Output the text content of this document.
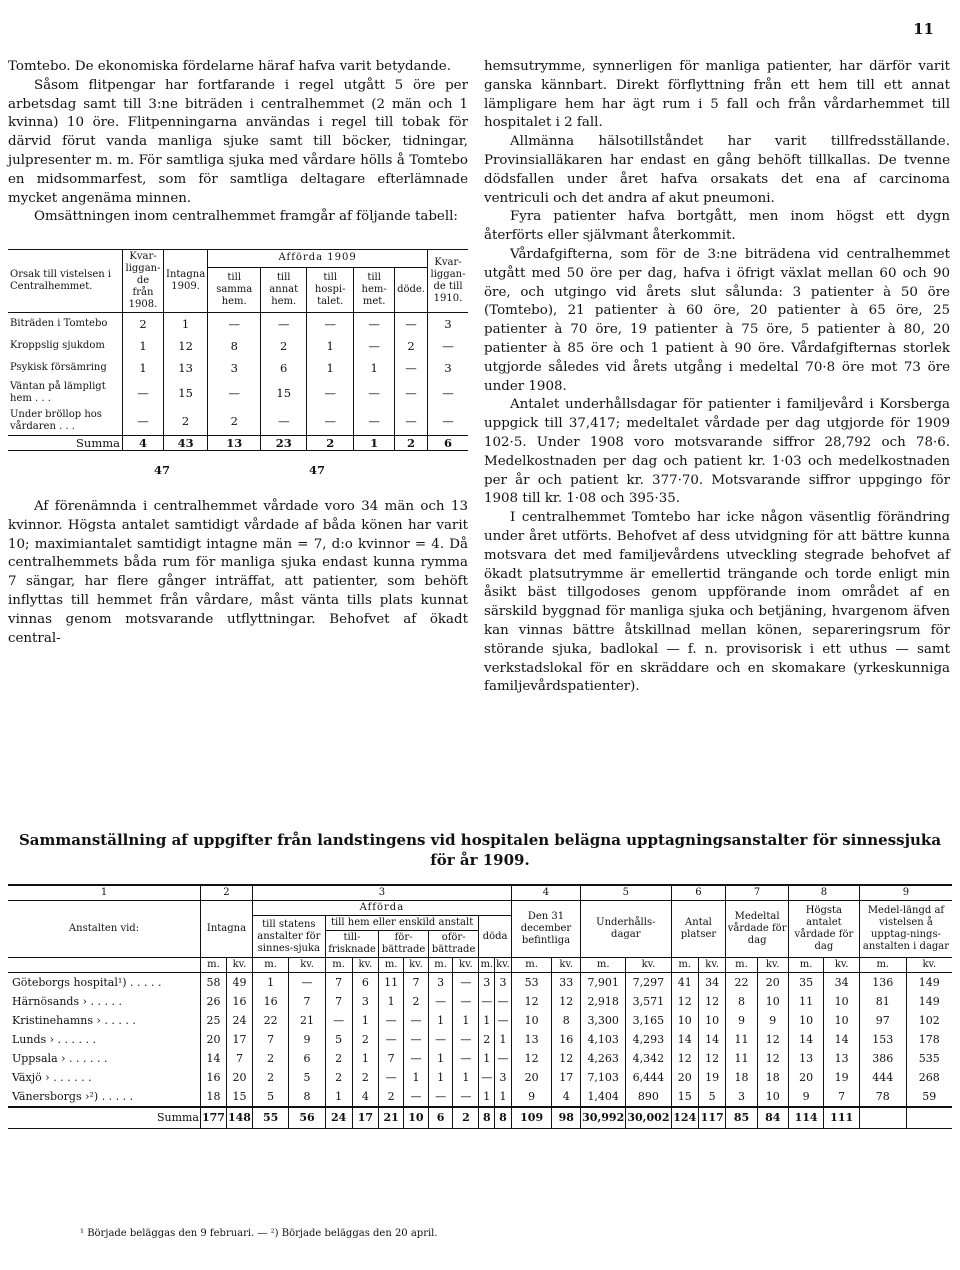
11

Tomtebo. De ekonomiska fördelarne häraf hafva varit betydande.

Såsom flitpengar har fortfarande i regel utgått 5 öre per arbetsdag samt till 3:ne biträden i centralhemmet (2 män och 1 kvinna) 10 öre. Flitpenningarna användas i regel till tobak för därvid förut vanda manliga sjuke samt till böcker, tidningar, julpresenter m. m. För samtliga sjuka med vårdare hölls å Tomtebo en midsommarfest, som för samtliga deltagare efterlämnade mycket angenäma minnen.

Omsättningen inom centralhemmet framgår af följande tabell:

Orsak till vistelsen i Centralhemmet.	Kvar-liggan-de från 1908.	Intagna 1909.	Afförda 1909					Kvar-liggan-de till 1910.
			till samma hem.	till annat hem.	till hospi-talet.	till hem-met.	döde.	
Biträden i Tomtebo	2	1	—	—	—	—	—	3
Kroppslig sjukdom	1	12	8	2	1	—	2	—
Psykisk försämring	1	13	3	6	1	1	—	3
Väntan på lämpligt hem . . .	—	15	—	15	—	—	—	—
Under bröllop hos vårdaren . . .	—	2	2	—	—	—	—	—
Summa	4	43	13	23	2	1	2	6
47	47

Af förenämnda i centralhemmet vårdade voro 34 män och 13 kvinnor. Högsta antalet samtidigt vårdade af båda könen har varit 10; maximiantalet samtidigt intagne män = 7, d:o kvinnor = 4. Då centralhemmets båda rum för manliga sjuka endast kunna rymma 7 sängar, har flere gånger inträffat, att patienter, som behöft inflyttas till hemmet från vårdare, måst vänta tills plats kunnat vinnas genom motsvarande utflyttningar. Behofvet af ökadt central-

hemsutrymme, synnerligen för manliga patienter, har därför varit ganska kännbart. Direkt förflyttning från ett hem till ett annat lämpligare hem har ägt rum i 5 fall och från vårdarhemmet till hospitalet i 2 fall.

Allmänna hälsotillståndet har varit tillfredsställande. Provinsialläkaren har endast en gång behöft tillkallas. De tvenne dödsfallen under året hafva orsakats det ena af carcinoma ventriculi och det andra af akut pneumoni.

Fyra patienter hafva bortgått, men inom högst ett dygn återförts eller självmant återkommit.

Vårdafgifterna, som för de 3:ne biträdena vid centralhemmet utgått med 50 öre per dag, hafva i öfrigt växlat mellan 60 och 90 öre, och utgingo vid årets slut sålunda: 3 patienter à 50 öre (Tomtebo), 21 patienter à 60 öre, 20 patienter à 65 öre, 25 patienter à 70 öre, 19 patienter à 75 öre, 5 patienter à 80, 20 patienter à 85 öre och 1 patient à 90 öre. Vårdafgifternas storlek utgjorde således vid årets utgång i medeltal 70·8 öre mot 73 öre under 1908.

Antalet underhållsdagar för patienter i familjevård i Korsberga uppgick till 37,417; medeltalet vårdade per dag utgjorde för 1909 102·5. Under 1908 voro motsvarande siffror 28,792 och 78·6. Medelkostnaden per dag och patient kr. 1·03 och medelkostnaden per år och patient kr. 377·70. Motsvarande siffror uppgingo för 1908 till kr. 1·08 och 395·35.

I centralhemmet Tomtebo har icke någon väsentlig förändring under året utförts. Behofvet af dess utvidgning för att bättre kunna motsvara det med familjevårdens utveckling stegrade behofvet af ökadt platsutrymme är emellertid trängande och torde enligt min åsikt bäst tillgodoses genom uppförande inom området af en särskild byggnad för manliga sjuka och betjäning, hvargenom äfven kan vinnas bättre åtskillnad mellan könen, separeringsrum för störande sjuka, badlokal — f. n. provisorisk i ett uthus — samt verkstadslokal för en skräddare och en skomakare (yrkeskunniga familjevårdspatienter).

Sammanställning af uppgifter från landstingens vid hospitalen belägna upptagningsanstalter för sinnessjuka för år 1909.
1	2		3										4		5		6		7		8		9	
Anstalten vid:	Intagna		Afförda										Den 31 december befintliga		Underhålls-dagar		Antal platser		Medeltal vårdade för dag		Högsta antalet vårdade för dag		Medel-längd af vistelsen å upptag-nings-anstalten i dagar	
			till statens anstalter för sinnes-sjuka		till hem eller enskild anstalt						döda													
					till-frisknade		för-bättrade		oför-bättrade															
	m.	kv.	m.	kv.	m.	kv.	m.	kv.	m.	kv.	m.	kv.	m.	kv.	m.	kv.	m.	kv.	m.	kv.	m.	kv.	m.	kv.
Göteborgs hospital¹) . . . . .	58	49	1	—	7	6	11	7	3	—	3	3	53	33	7,901	7,297	41	34	22	20	35	34	136	149
Härnösands › . . . . .	26	16	16	7	7	3	1	2	—	—	—	—	12	12	2,918	3,571	12	12	8	10	11	10	81	149
Kristinehamns › . . . . .	25	24	22	21	—	1	—	—	1	1	1	—	10	8	3,300	3,165	10	10	9	9	10	10	97	102
Lunds › . . . . . .	20	17	7	9	5	2	—	—	—	—	2	1	13	16	4,103	4,293	14	14	11	12	14	14	153	178
Uppsala › . . . . . .	14	7	2	6	2	1	7	—	1	—	1	—	12	12	4,263	4,342	12	12	11	12	13	13	386	535
Växjö › . . . . . .	16	20	2	5	2	2	—	1	1	1	—	3	20	17	7,103	6,444	20	19	18	18	20	19	444	268
Vänersborgs ›²) . . . . .	18	15	5	8	1	4	2	—	—	—	1	1	9	4	1,404	890	15	5	3	10	9	7	78	59
Summa	177	148	55	56	24	17	21	10	6	2	8	8	109	98	30,992	30,002	124	117	85	84	114	111		
¹ Började beläggas den 9 februari. — ²) Började beläggas den 20 april.
